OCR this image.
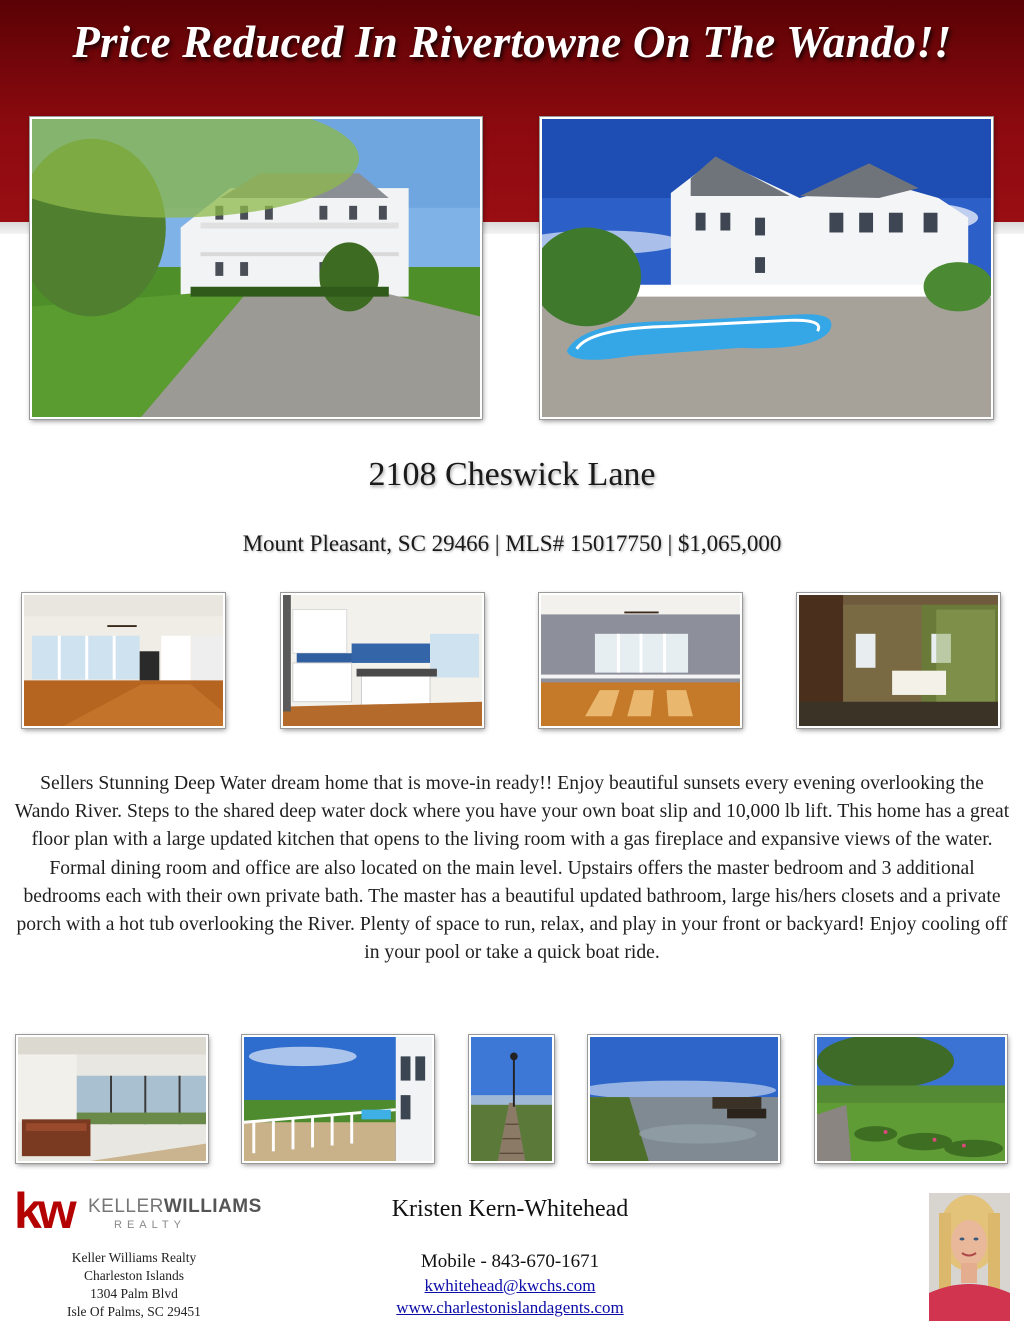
Price Reduced In Rivertowne On The Wando!!
2108 Cheswick Lane
Mount Pleasant, SC 29466 | MLS# 15017750 | $1,065,000
Sellers Stunning Deep Water dream home that is move-in ready!! Enjoy beautiful sunsets every evening overlooking the Wando River. Steps to the shared deep water dock where you have your own boat slip and 10,000 lb lift. This home has a great floor plan with a large updated kitchen that opens to the living room with a gas fireplace and expansive views of the water. Formal dining room and office are also located on the main level. Upstairs offers the master bedroom and 3 additional bedrooms each with their own private bath. The master has a beautiful updated bathroom, large his/hers closets and a private porch with a hot tub overlooking the River. Plenty of space to run, relax, and play in your front or backyard! Enjoy cooling off in your pool or take a quick boat ride.
kw KELLERWILLIAMS
REALTY
Keller Williams Realty
Charleston Islands
1304 Palm Blvd
Isle Of Palms, SC 29451
Kristen Kern-Whitehead
Mobile - 843-670-1671
kwhitehead@kwchs.com
www.charlestonislandagents.com
